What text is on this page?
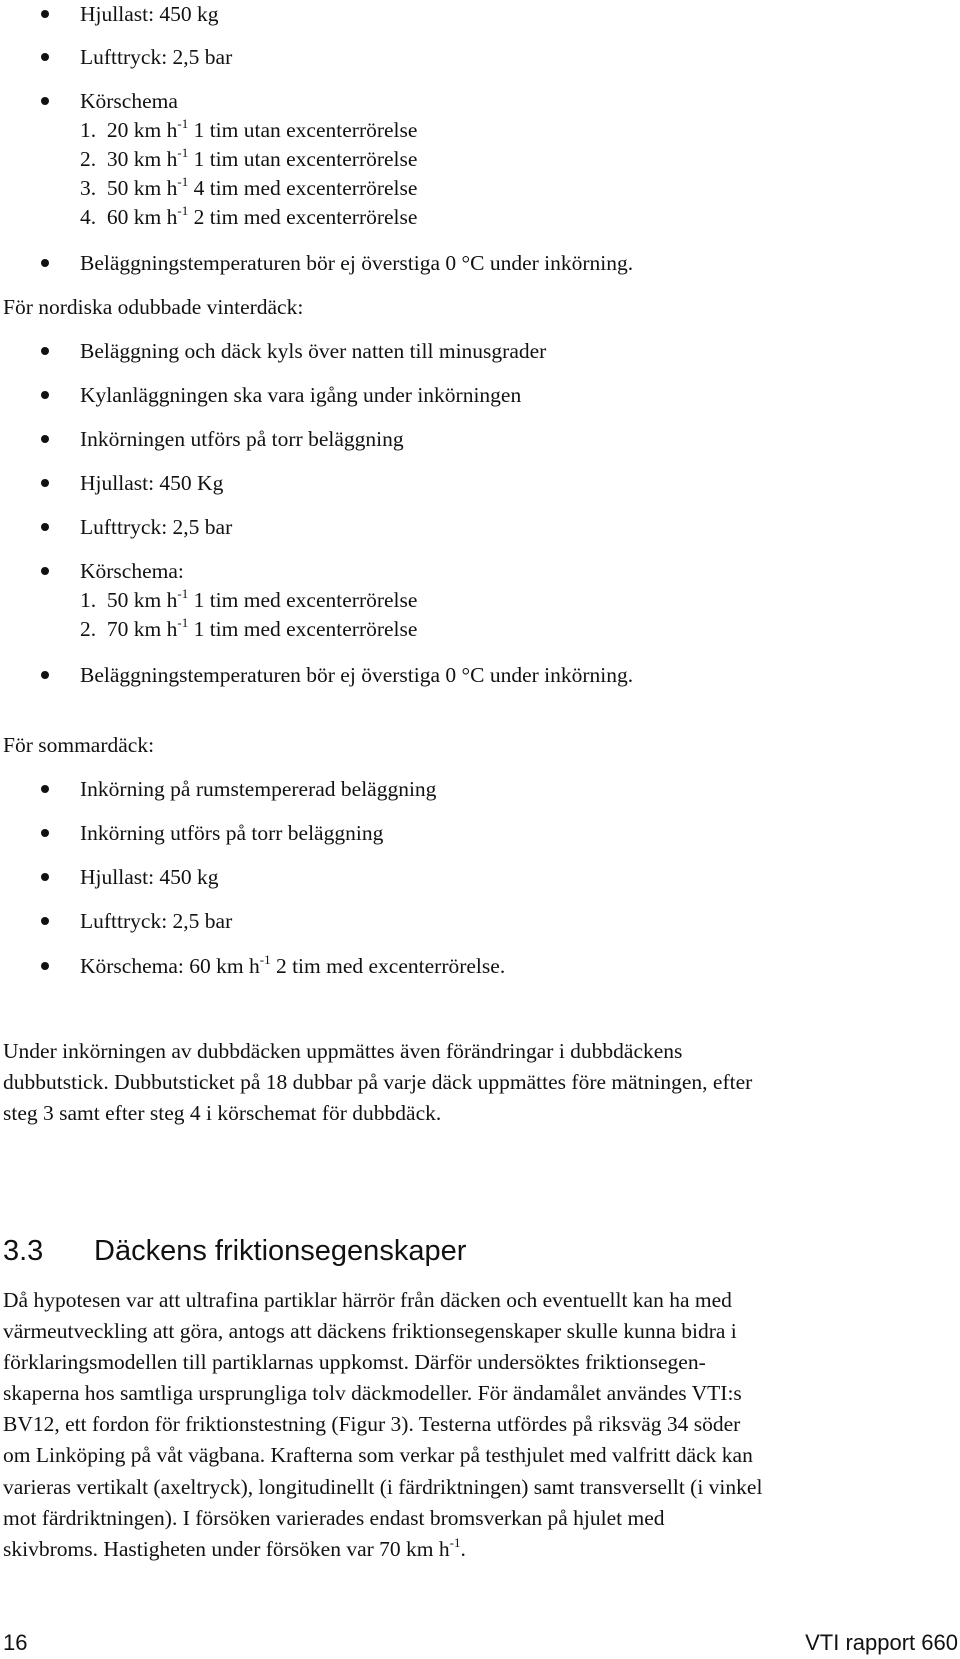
Hjullast: 450 kg
Lufttryck: 2,5 bar
Körschema
1. 20 km $h^{-1}$ 1 tim utan excenterrörelse
2. 30 km $h^{-1}$ 1 tim utan excenterrörelse
3. 50 km $h^{-1}$ 4 tim med excenterrörelse
4. 60 km $h^{-1}$ 2 tim med excenterrörelse
Beläggningstemperaturen bör ej överstiga 0 °C under inkörning.
För nordiska odubbade vinterdäck:
Beläggning och däck kyls över natten till minusgrader
Kylanläggningen ska vara igång under inkörningen
Inkörningen utförs på torr beläggning
Hjullast: 450 Kg
Lufttryck: 2,5 bar
Körschema:
1. 50 km $h^{-1}$ 1 tim med excenterrörelse
2. 70 km $h^{-1}$ 1 tim med excenterrörelse
Beläggningstemperaturen bör ej överstiga 0 °C under inkörning.
För sommardäck:
Inkörning på rumstempererad beläggning
Inkörning utförs på torr beläggning
Hjullast: 450 kg
Lufttryck: 2,5 bar
Körschema: 60 km $h^{-1}$ 2 tim med excenterrörelse.
Under inkörningen av dubbdäcken uppmättes även förändringar i dubbdäckens
dubbutstick. Dubbutsticket på 18 dubbar på varje däck uppmättes före mätningen, efter
steg 3 samt efter steg 4 i körschemat för dubbdäck.
3.3 Däckens friktionsegenskaper
Då hypotesen var att ultrafina partiklar härrör från däcken och eventuellt kan ha med
värmeutveckling att göra, antogs att däckens friktionsegenskaper skulle kunna bidra i
förklaringsmodellen till partiklarnas uppkomst. Därför undersöktes friktionsegen-
skaperna hos samtliga ursprungliga tolv däckmodeller. För ändamålet användes VTI:s
BV12, ett fordon för friktionstestning (Figur 3). Testerna utfördes på riksväg 34 söder
om Linköping på våt vägbana. Krafterna som verkar på testhjulet med valfritt däck kan
varieras vertikalt (axeltryck), longitudinellt (i färdriktningen) samt transversellt (i vinkel
mot färdriktningen). I försöken varierades endast bromsverkan på hjulet med
skivbroms. Hastigheten under försöken var 70 km $h^{-1}$.
16	VTI rapport 660
